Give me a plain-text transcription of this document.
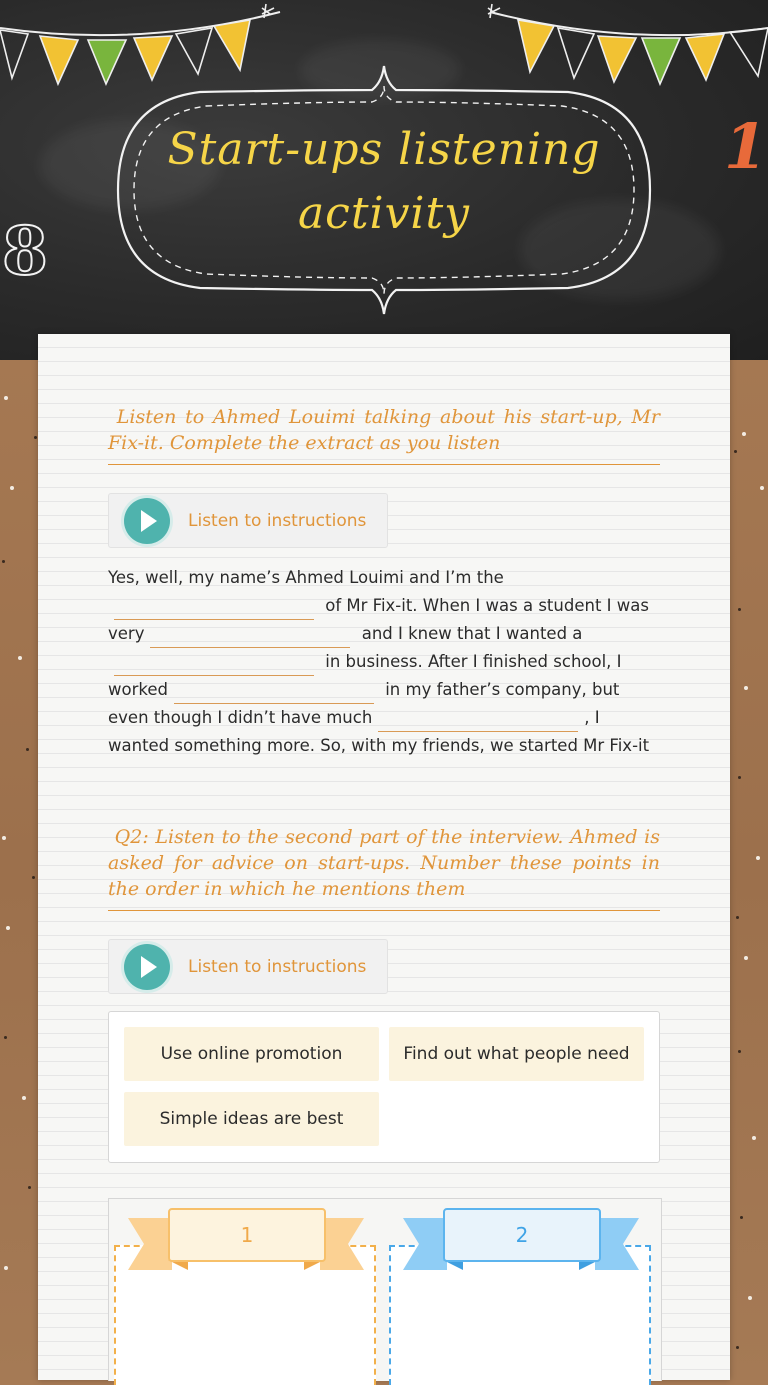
Start-ups listening activity
8
1
Listen to Ahmed Louimi talking about his start-up, Mr Fix-it. Complete the extract as you listen
Listen to instructions
Yes, well, my name’s Ahmed Louimi and I’m the of Mr Fix-it. When I was a student I was very	and I knew that I wanted a in business. After I finished school, I worked	in my father’s company, but even though I didn’t have much	, I wanted something more. So, with my friends, we started Mr Fix-it
Q2: Listen to the second part of the interview. Ahmed is asked for advice on start-ups. Number these points in the order in which he mentions them
Listen to instructions
Use online promotion	Find out what people need
Simple ideas are best
1	2
